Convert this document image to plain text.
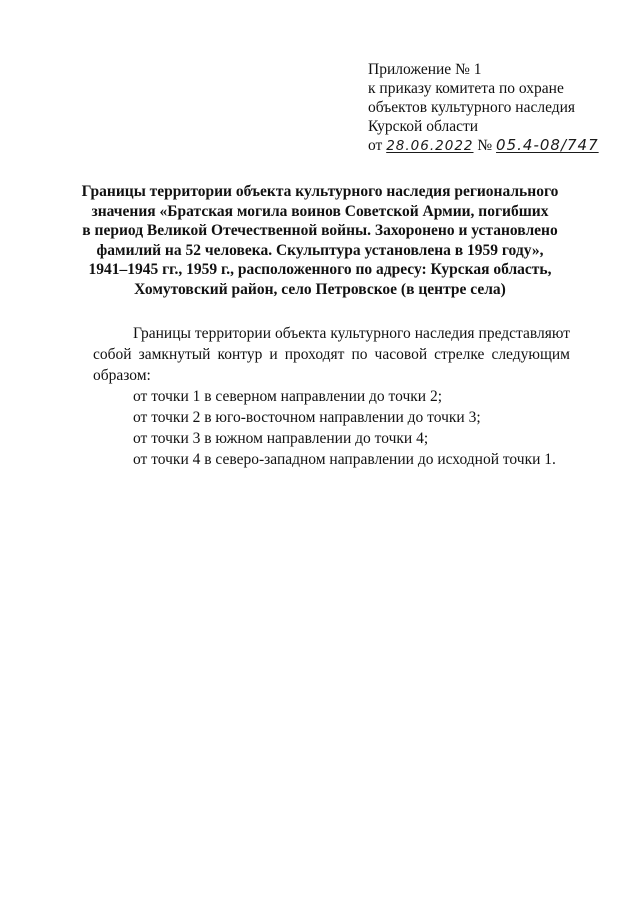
Приложение № 1
к приказу комитета по охране
объектов культурного наследия
Курской области
от 28.06.2022 № 05.4-08/747
Границы территории объекта культурного наследия регионального
значения «Братская могила воинов Советской Армии, погибших
в период Великой Отечественной войны. Захоронено и установлено
фамилий на 52 человека. Скульптура установлена в 1959 году»,
1941–1945 гг., 1959 г., расположенного по адресу: Курская область,
Хомутовский район, село Петровское (в центре села)

Границы территории объекта культурного наследия представляют собой замкнутый контур и проходят по часовой стрелке следующим образом:

от точки 1 в северном направлении до точки 2;

от точки 2 в юго-восточном направлении до точки 3;

от точки 3 в южном направлении до точки 4;

от точки 4 в северо-западном направлении до исходной точки 1.
